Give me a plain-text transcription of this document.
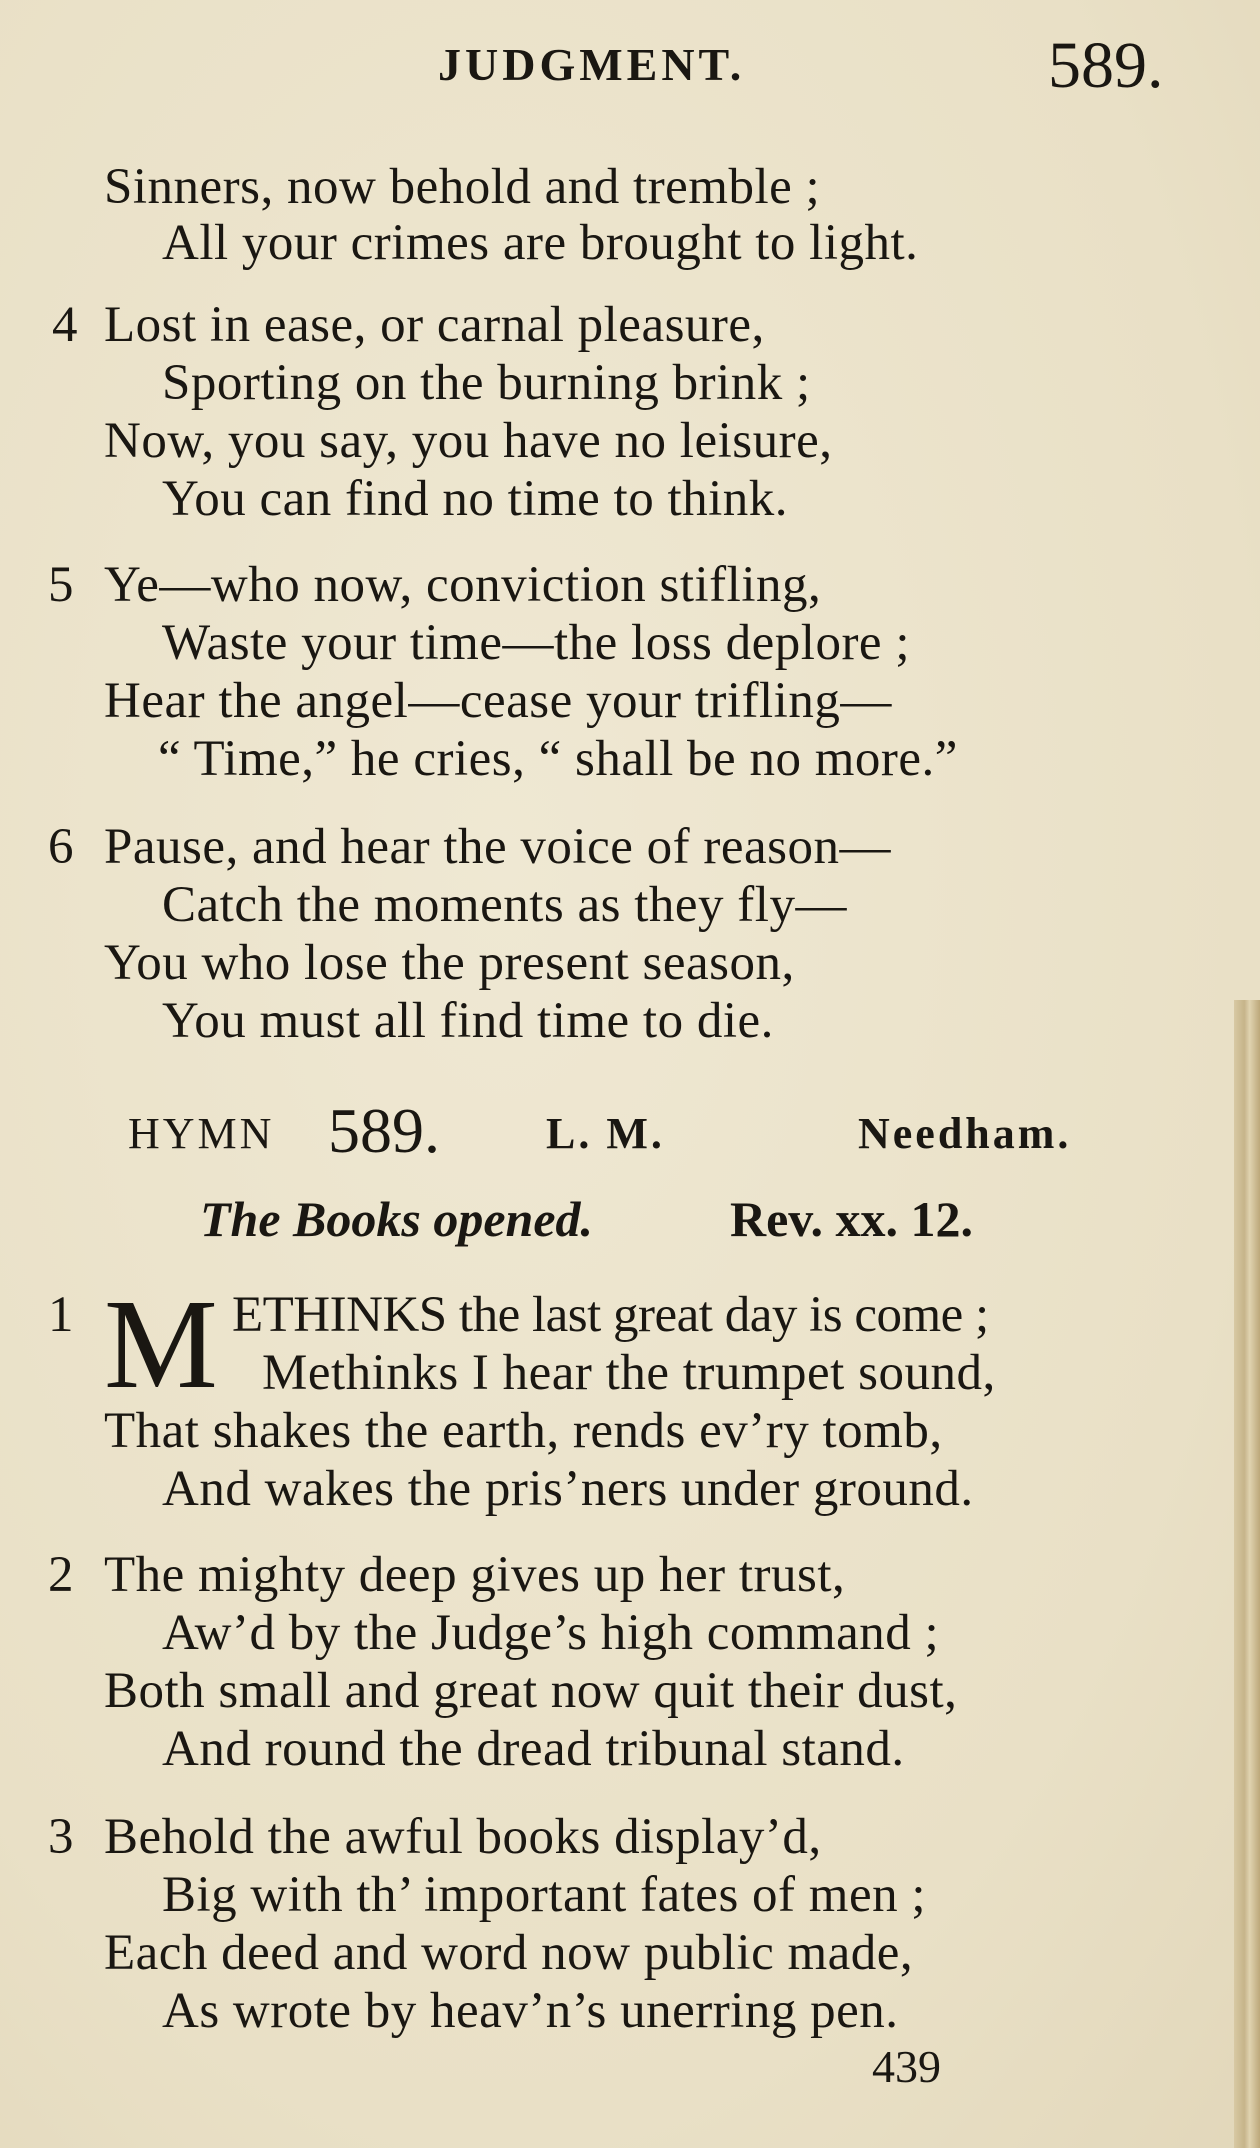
JUDGMENT.	589.
Sinners, now behold and tremble ;
All your crimes are brought to light.
4 Lost in ease, or carnal pleasure,
Sporting on the burning brink ;
Now, you say, you have no leisure,
You can find no time to think.
5 Ye—who now, conviction stifling,
Waste your time—the loss deplore ;
Hear the angel—cease your trifling—
“ Time,” he cries, “ shall be no more.”
6 Pause, and hear the voice of reason—
Catch the moments as they fly—
You who lose the present season,
You must all find time to die.
HYMN 589. L. M.	Needham.
The Books opened.	Rev. xx. 12.
1 M ETHINKS the last great day is come ;
Methinks I hear the trumpet sound,
That shakes the earth, rends ev’ry tomb,
And wakes the pris’ners under ground.
2 The mighty deep gives up her trust,
Aw’d by the Judge’s high command ;
Both small and great now quit their dust,
And round the dread tribunal stand.
3 Behold the awful books display’d,
Big with th’ important fates of men ;
Each deed and word now public made,
As wrote by heav’n’s unerring pen.
439
